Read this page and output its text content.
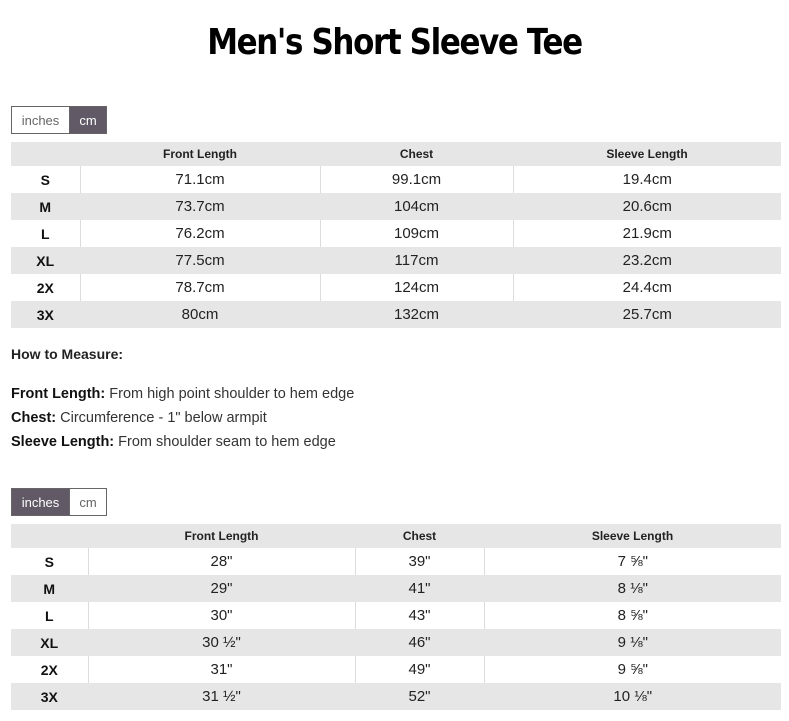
Men's Short Sleeve Tee
inches	cm
	Front Length	Chest	Sleeve Length
S	71.1cm	99.1cm	19.4cm
M	73.7cm	104cm	20.6cm
L	76.2cm	109cm	21.9cm
XL	77.5cm	117cm	23.2cm
2X	78.7cm	124cm	24.4cm
3X	80cm	132cm	25.7cm
How to Measure:
Front Length: From high point shoulder to hem edge
Chest: Circumference - 1" below armpit
Sleeve Length: From shoulder seam to hem edge
inches	cm
	Front Length	Chest	Sleeve Length
S	28"	39"	7 ⅝"
M	29"	41"	8 ⅛"
L	30"	43"	8 ⅝"
XL	30 ½"	46"	9 ⅛"
2X	31"	49"	9 ⅝"
3X	31 ½"	52"	10 ⅛"
